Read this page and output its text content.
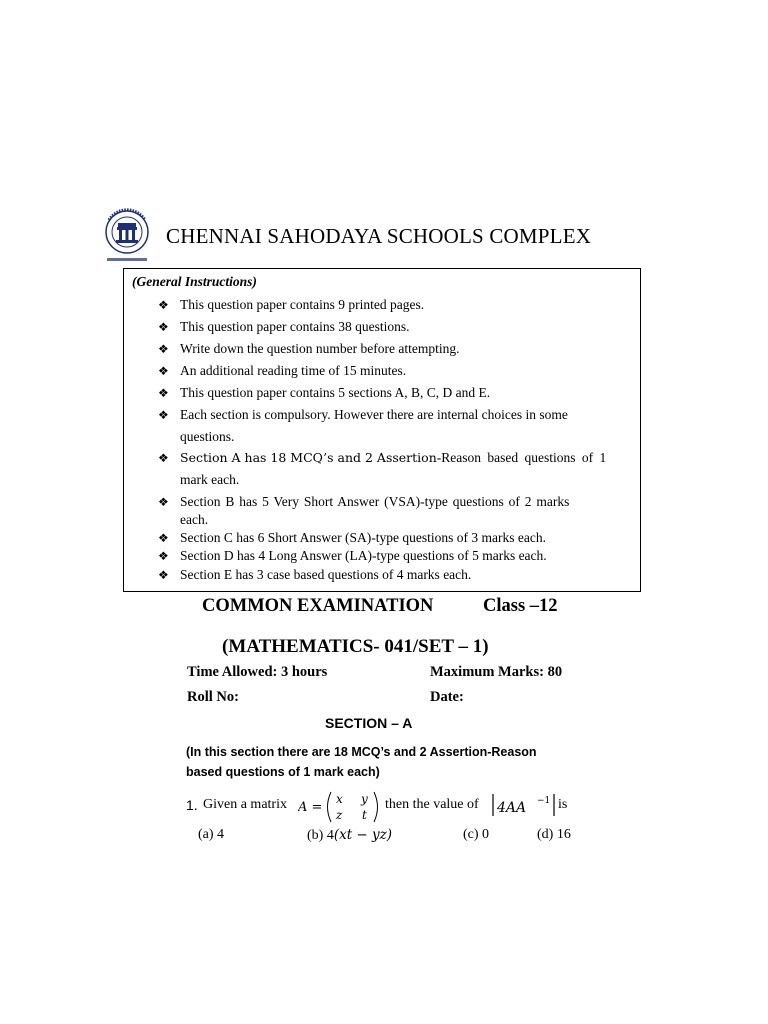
CHENNAI SAHODAYA SCHOOLS COMPLEX
(General Instructions)
❖ This question paper contains 9 printed pages.
❖ This question paper contains 38 questions.
❖ Write down the question number before attempting.
❖ An additional reading time of 15 minutes.
❖ This question paper contains 5 sections A, B, C, D and E.
❖ Each section is compulsory. However there are internal choices in some
questions.
❖ Section A has 18 MCQ’s and 2 Assertion-Reason based questions of 1
mark each.
❖ Section B has 5 Very Short Answer (VSA)-type questions of 2 marks
each.
❖ Section C has 6 Short Answer (SA)-type questions of 3 marks each.
❖ Section D has 4 Long Answer (LA)-type questions of 5 marks each.
❖ Section E has 3 case based questions of 4 marks each.
COMMON EXAMINATION	Class –12
(MATHEMATICS- 041/SET – 1)
Time Allowed: 3 hours	Maximum Marks: 80
Roll No:	Date:
SECTION – A
(In this section there are 18 MCQ’s and 2 Assertion-Reason
based questions of 1 mark each)
1. Given a matrix A =
x y
z t
then the value of 4AA −1 is
(a) 4	(b) 4(xt − yz)	(c) 0	(d) 16
